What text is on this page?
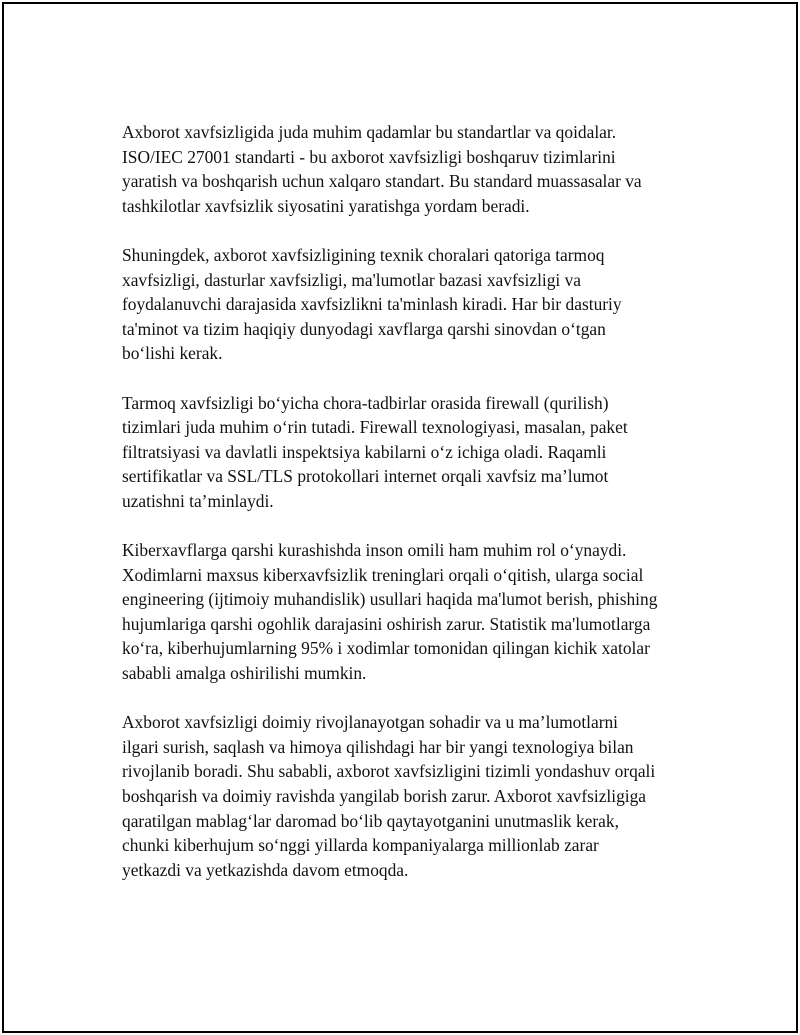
Axborot xavfsizligida juda muhim qadamlar bu standartlar va qoidalar.
ISO/IEC 27001 standarti - bu axborot xavfsizligi boshqaruv tizimlarini
yaratish va boshqarish uchun xalqaro standart. Bu standard muassasalar va
tashkilotlar xavfsizlik siyosatini yaratishga yordam beradi.

Shuningdek, axborot xavfsizligining texnik choralari qatoriga tarmoq
xavfsizligi, dasturlar xavfsizligi, ma'lumotlar bazasi xavfsizligi va
foydalanuvchi darajasida xavfsizlikni ta'minlash kiradi. Har bir dasturiy
ta'minot va tizim haqiqiy dunyodagi xavflarga qarshi sinovdan o‘tgan
bo‘lishi kerak.

Tarmoq xavfsizligi bo‘yicha chora-tadbirlar orasida firewall (qurilish)
tizimlari juda muhim o‘rin tutadi. Firewall texnologiyasi, masalan, paket
filtratsiyasi va davlatli inspektsiya kabilarni o‘z ichiga oladi. Raqamli
sertifikatlar va SSL/TLS protokollari internet orqali xavfsiz ma’lumot
uzatishni ta’minlaydi.

Kiberxavflarga qarshi kurashishda inson omili ham muhim rol o‘ynaydi.
Xodimlarni maxsus kiberxavfsizlik treninglari orqali o‘qitish, ularga social
engineering (ijtimoiy muhandislik) usullari haqida ma'lumot berish, phishing
hujumlariga qarshi ogohlik darajasini oshirish zarur. Statistik ma'lumotlarga
ko‘ra, kiberhujumlarning 95% i xodimlar tomonidan qilingan kichik xatolar
sababli amalga oshirilishi mumkin.

Axborot xavfsizligi doimiy rivojlanayotgan sohadir va u ma’lumotlarni
ilgari surish, saqlash va himoya qilishdagi har bir yangi texnologiya bilan
rivojlanib boradi. Shu sababli, axborot xavfsizligini tizimli yondashuv orqali
boshqarish va doimiy ravishda yangilab borish zarur. Axborot xavfsizligiga
qaratilgan mablag‘lar daromad bo‘lib qaytayotganini unutmaslik kerak,
chunki kiberhujum so‘nggi yillarda kompaniyalarga millionlab zarar
yetkazdi va yetkazishda davom etmoqda.
